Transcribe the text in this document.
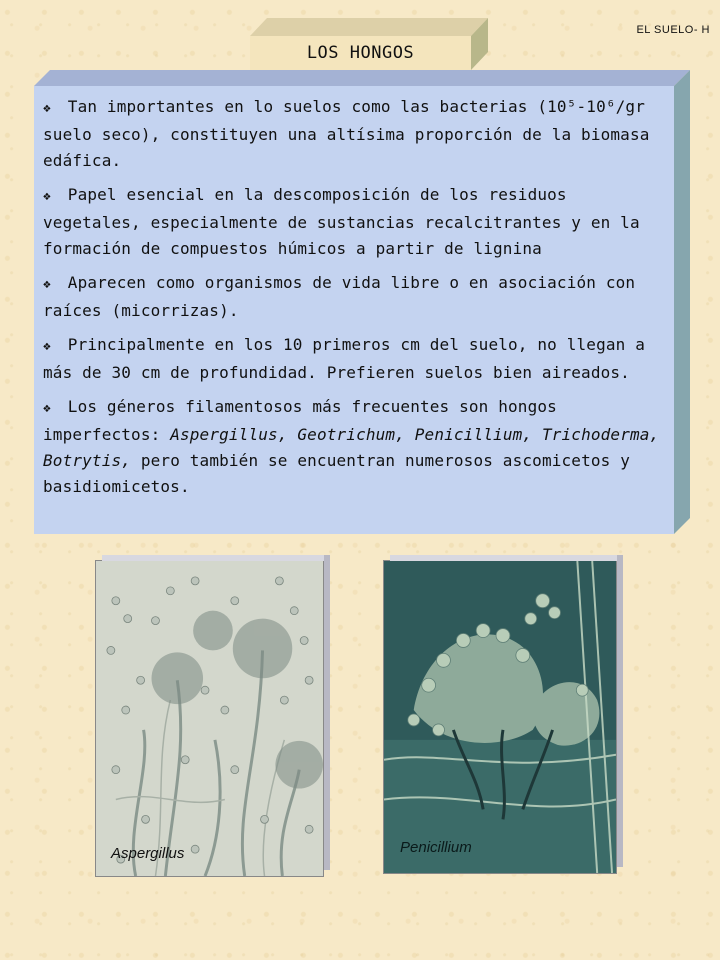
EL SUELO- H
LOS HONGOS

❖ Tan importantes en lo suelos como las bacterias (10⁵-10⁶/gr suelo seco), constituyen una altísima proporción de la biomasa edáfica.

❖ Papel esencial en la descomposición de los residuos vegetales, especialmente de sustancias recalcitrantes y en la formación de compuestos húmicos a partir de lignina

❖ Aparecen como organismos de vida libre o en asociación con raíces (micorrizas).

❖ Principalmente en los 10 primeros cm del suelo, no llegan a más de 30 cm de profundidad. Prefieren suelos bien aireados.

❖ Los géneros filamentosos más frecuentes son hongos imperfectos: Aspergillus, Geotrichum, Penicillium, Trichoderma, Botrytis, pero también se encuentran numerosos ascomicetos y basidiomicetos.

Aspergillus	Penicillium
